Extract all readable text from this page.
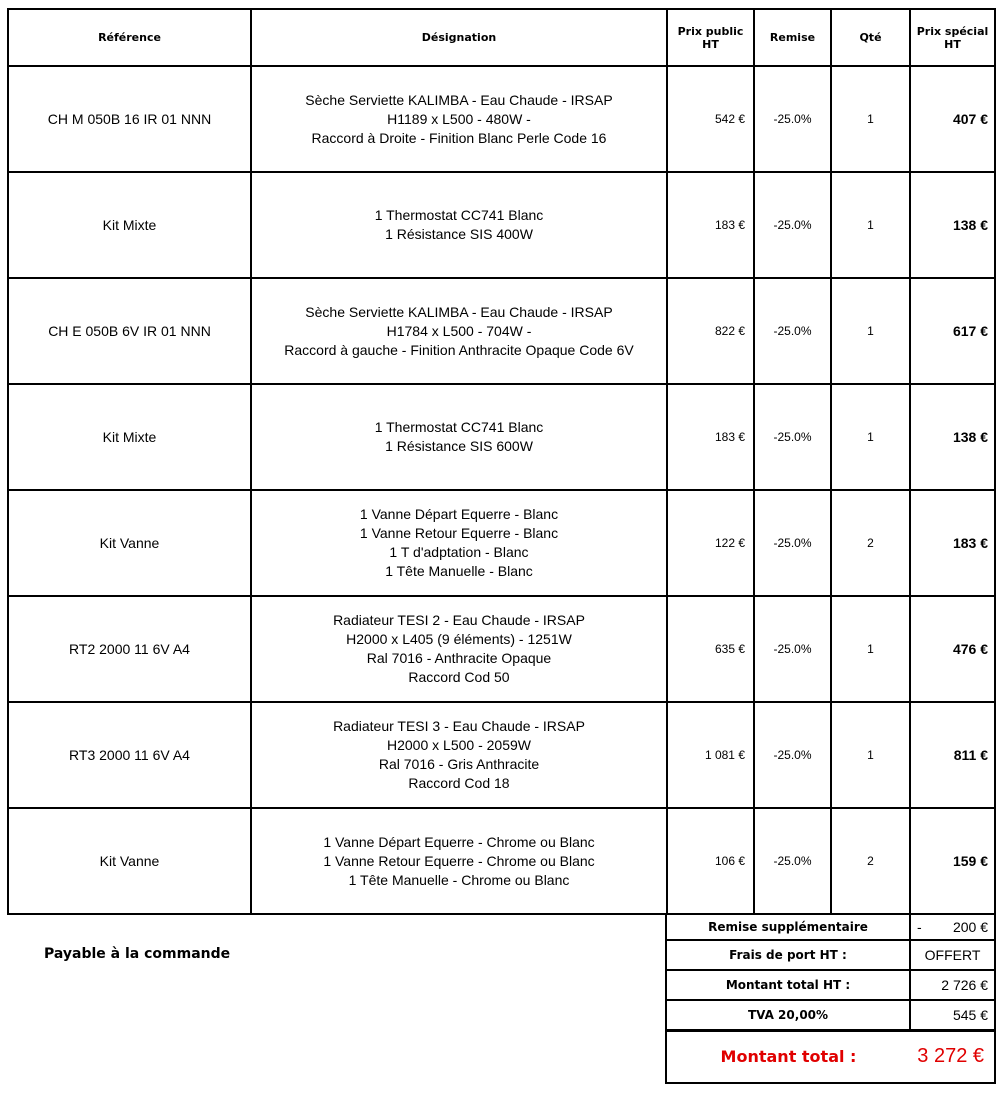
Référence	Désignation	Prix public HT	Remise	Qté	Prix spécial HT
CH M 050B 16 IR 01 NNN	Sèche Serviette KALIMBA - Eau Chaude - IRSAP
H1189 x L500 - 480W -
Raccord à Droite - Finition Blanc Perle Code 16	542 €	-25.0%	1	407 €
Kit Mixte	1 Thermostat CC741 Blanc
1 Résistance SIS 400W	183 €	-25.0%	1	138 €
CH E 050B 6V IR 01 NNN	Sèche Serviette KALIMBA - Eau Chaude - IRSAP
H1784 x L500 - 704W -
Raccord à gauche - Finition Anthracite Opaque Code 6V	822 €	-25.0%	1	617 €
Kit Mixte	1 Thermostat CC741 Blanc
1 Résistance SIS 600W	183 €	-25.0%	1	138 €
Kit Vanne	1 Vanne Départ Equerre - Blanc
1 Vanne Retour Equerre - Blanc
1 T d'adptation - Blanc
1 Tête Manuelle - Blanc	122 €	-25.0%	2	183 €
RT2 2000 11 6V A4	Radiateur TESI 2 - Eau Chaude - IRSAP
H2000 x L405 (9 éléments) - 1251W
Ral 7016 - Anthracite Opaque
Raccord Cod 50	635 €	-25.0%	1	476 €
RT3 2000 11 6V A4	Radiateur TESI 3 - Eau Chaude - IRSAP
H2000 x L500 - 2059W
Ral 7016 - Gris Anthracite
Raccord Cod 18	1 081 €	-25.0%	1	811 €
Kit Vanne	1 Vanne Départ Equerre - Chrome ou Blanc
1 Vanne Retour Equerre - Chrome ou Blanc
1 Tête Manuelle - Chrome ou Blanc	106 €	-25.0%	2	159 €
Payable à la commande
Remise supplémentaire	- 200 €
Frais de port HT :	OFFERT
Montant total HT :	2 726 €
TVA 20,00%	545 €
Montant total :	3 272 €
